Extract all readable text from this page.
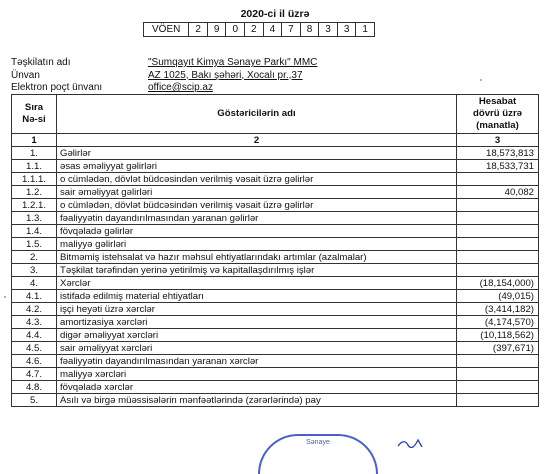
2020-ci il üzrə
VÖEN	2	9	0	2	4	7	8	3	3	1
Təşkilatın adı	"Sumqayıt Kimya Sənaye Parkı" MMC
Ünvan	AZ 1025, Bakı şəhəri, Xocalı pr.,37
Elektron poçt ünvanı	office@scip.az
Sıra
Nə-si	Göstəricilərin adı	Hesabat
dövrü üzrə
(manatla)
1	2	3
1.	Gəlirlər	18,573,813
1.1.	əsas əməliyyat gəlirləri	18,533,731
1.1.1.	o cümlədən, dövlət büdcəsindən verilmiş vəsait üzrə gəlirlər	
1.2.	sair əməliyyat gəlirləri	40,082
1.2.1.	o cümlədən, dövlət büdcəsindən verilmiş vəsait üzrə gəlirlər	
1.3.	fəaliyyətin dayandırılmasından yaranan gəlirlər	
1.4.	fövqəladə gəlirlər	
1.5.	maliyyə gəlirləri	
2.	Bitməmiş istehsalat və hazır məhsul ehtiyatlarındakı artımlar (azalmalar)	
3.	Təşkilat tərəfindən yerinə yetirilmiş və kapitallaşdırılmış işlər	
4.	Xərclər	(18,154,000)
4.1.	istifadə edilmiş material ehtiyatları	(49,015)
4.2.	işçi heyəti üzrə xərclər	(3,414,182)
4.3.	amortizasiya xərcləri	(4,174,570)
4.4.	digər əməliyyat xərcləri	(10,118,562)
4.5.	sair əməliyyat xərcləri	(397,671)
4.6.	fəaliyyətin dayandırılmasından yaranan xərclər	
4.7.	maliyyə xərcləri	
4.8.	fövqəladə xərclər	
5.	Asılı və birgə müəssisələrin mənfəətlərində (zərərlərində) pay	
Sənaye
